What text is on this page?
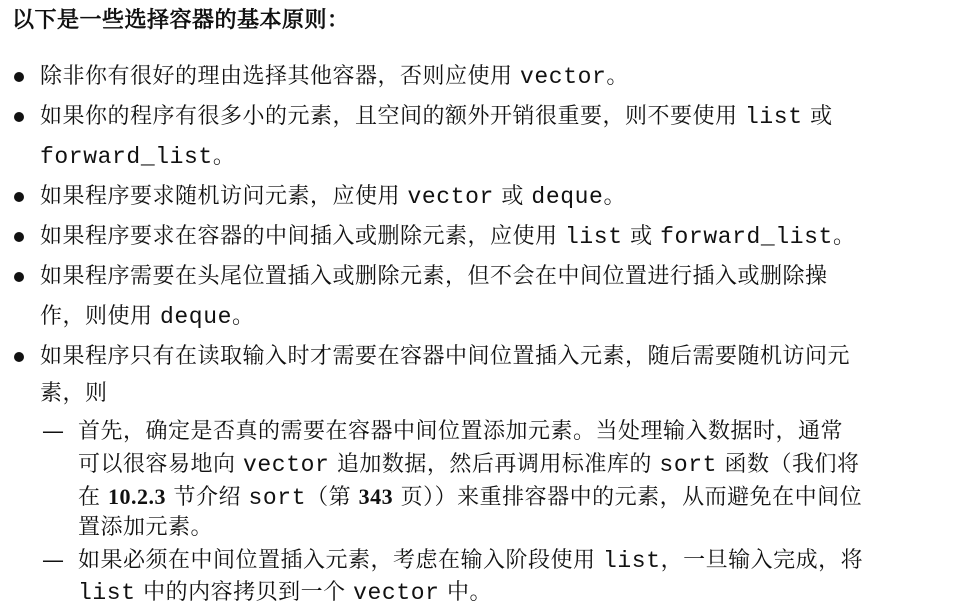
以下是一些选择容器的基本原则：
除非你有很好的理由选择其他容器，否则应使用 vector。
如果你的程序有很多小的元素，且空间的额外开销很重要，则不要使用 list 或
forward_list。
如果程序要求随机访问元素，应使用 vector 或 deque。
如果程序要求在容器的中间插入或删除元素，应使用 list 或 forward_list。
如果程序需要在头尾位置插入或删除元素，但不会在中间位置进行插入或删除操
作，则使用 deque。
如果程序只有在读取输入时才需要在容器中间位置插入元素，随后需要随机访问元
素，则
—
—
首先，确定是否真的需要在容器中间位置添加元素。当处理输入数据时，通常
可以很容易地向 vector 追加数据，然后再调用标准库的 sort 函数（我们将
在 10.2.3 节介绍 sort（第 343 页））来重排容器中的元素，从而避免在中间位
置添加元素。
如果必须在中间位置插入元素，考虑在输入阶段使用 list，一旦输入完成，将
list 中的内容拷贝到一个 vector 中。
